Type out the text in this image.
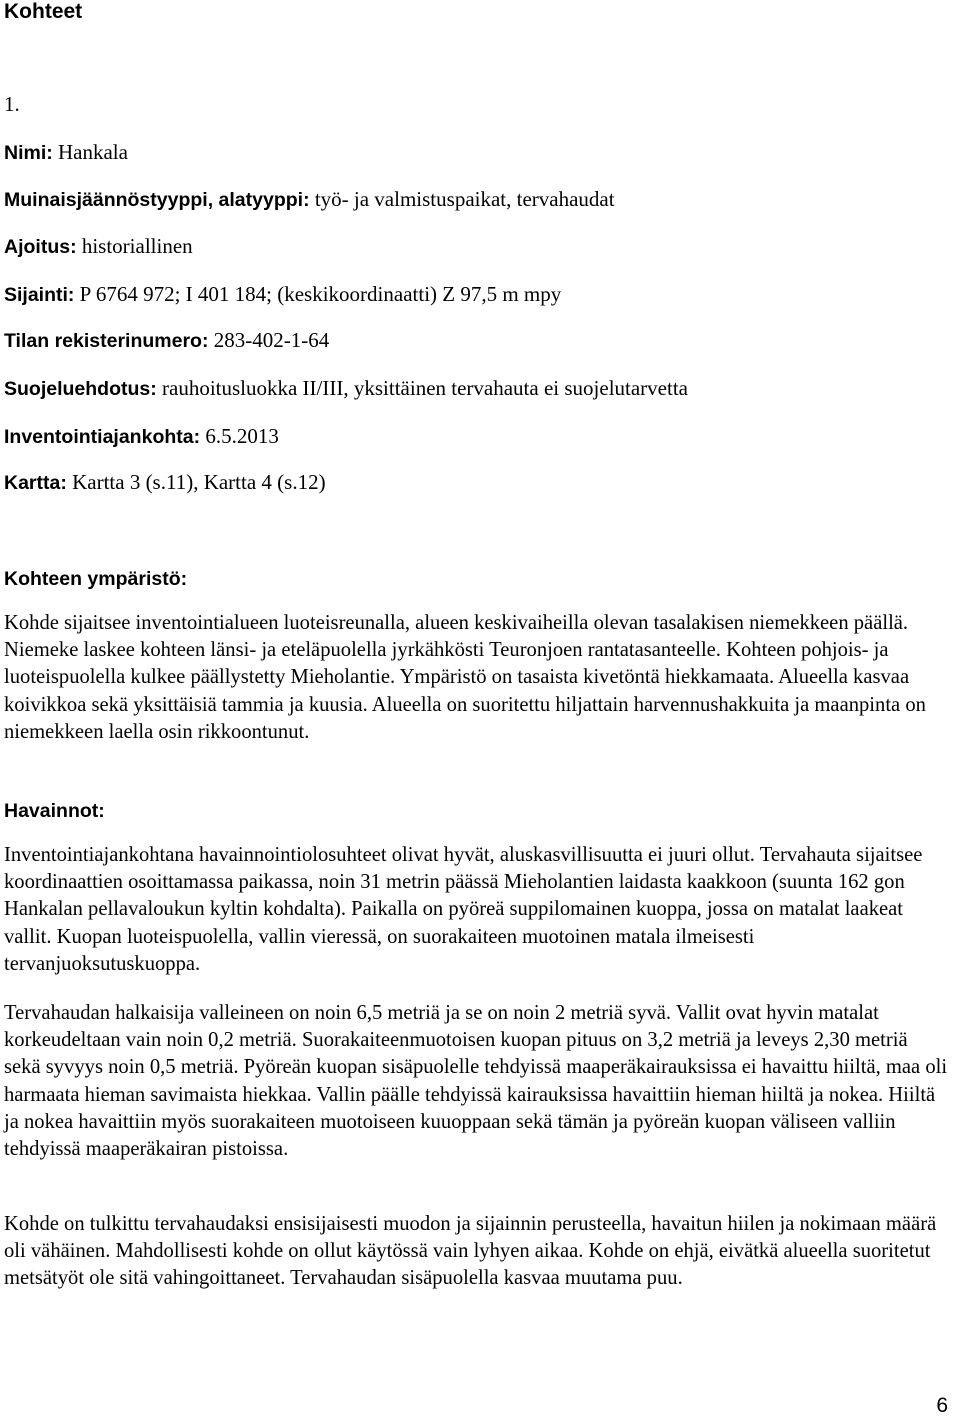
Kohteet

1.

Nimi: Hankala

Muinaisjäännöstyyppi, alatyyppi: työ- ja valmistuspaikat, tervahaudat

Ajoitus: historiallinen

Sijainti: P 6764 972; I 401 184; (keskikoordinaatti) Z 97,5 m mpy

Tilan rekisterinumero: 283-402-1-64

Suojeluehdotus: rauhoitusluokka II/III, yksittäinen tervahauta ei suojelutarvetta

Inventointiajankohta: 6.5.2013

Kartta: Kartta 3 (s.11), Kartta 4 (s.12)

Kohteen ympäristö:

Kohde sijaitsee inventointialueen luoteisreunalla, alueen keskivaiheilla olevan tasalakisen niemekkeen päällä. Niemeke laskee kohteen länsi- ja eteläpuolella jyrkähkösti Teuronjoen rantatasanteelle. Kohteen pohjois- ja luoteispuolella kulkee päällystetty Mieholantie. Ympäristö on tasaista kivetöntä hiekkamaata. Alueella kasvaa koivikkoa sekä yksittäisiä tammia ja kuusia. Alueella on suoritettu hiljattain harvennushakkuita ja maanpinta on niemekkeen laella osin rikkoontunut.

Havainnot:

Inventointiajankohtana havainnointiolosuhteet olivat hyvät, aluskasvillisuutta ei juuri ollut. Tervahauta sijaitsee koordinaattien osoittamassa paikassa, noin 31 metrin päässä Mieholantien laidasta kaakkoon (suunta 162 gon Hankalan pellavaloukun kyltin kohdalta). Paikalla on pyöreä suppilomainen kuoppa, jossa on matalat laakeat vallit. Kuopan luoteispuolella, vallin vieressä, on suorakaiteen muotoinen matala ilmeisesti tervanjuoksutuskuoppa.

Tervahaudan halkaisija valleineen on noin 6,5 metriä ja se on noin 2 metriä syvä. Vallit ovat hyvin matalat korkeudeltaan vain noin 0,2 metriä. Suorakaiteenmuotoisen kuopan pituus on 3,2 metriä ja leveys 2,30 metriä sekä syvyys noin 0,5 metriä. Pyöreän kuopan sisäpuolelle tehdyissä maaperäkairauksissa ei havaittu hiiltä, maa oli harmaata hieman savimaista hiekkaa. Vallin päälle tehdyissä kairauksissa havaittiin hieman hiiltä ja nokea. Hiiltä ja nokea havaittiin myös suorakaiteen muotoiseen kuuoppaan sekä tämän ja pyöreän kuopan väliseen valliin tehdyissä maaperäkairan pistoissa.

Kohde on tulkittu tervahaudaksi ensisijaisesti muodon ja sijainnin perusteella, havaitun hiilen ja nokimaan määrä oli vähäinen. Mahdollisesti kohde on ollut käytössä vain lyhyen aikaa. Kohde on ehjä, eivätkä alueella suoritetut metsätyöt ole sitä vahingoittaneet. Tervahaudan sisäpuolella kasvaa muutama puu.

6
